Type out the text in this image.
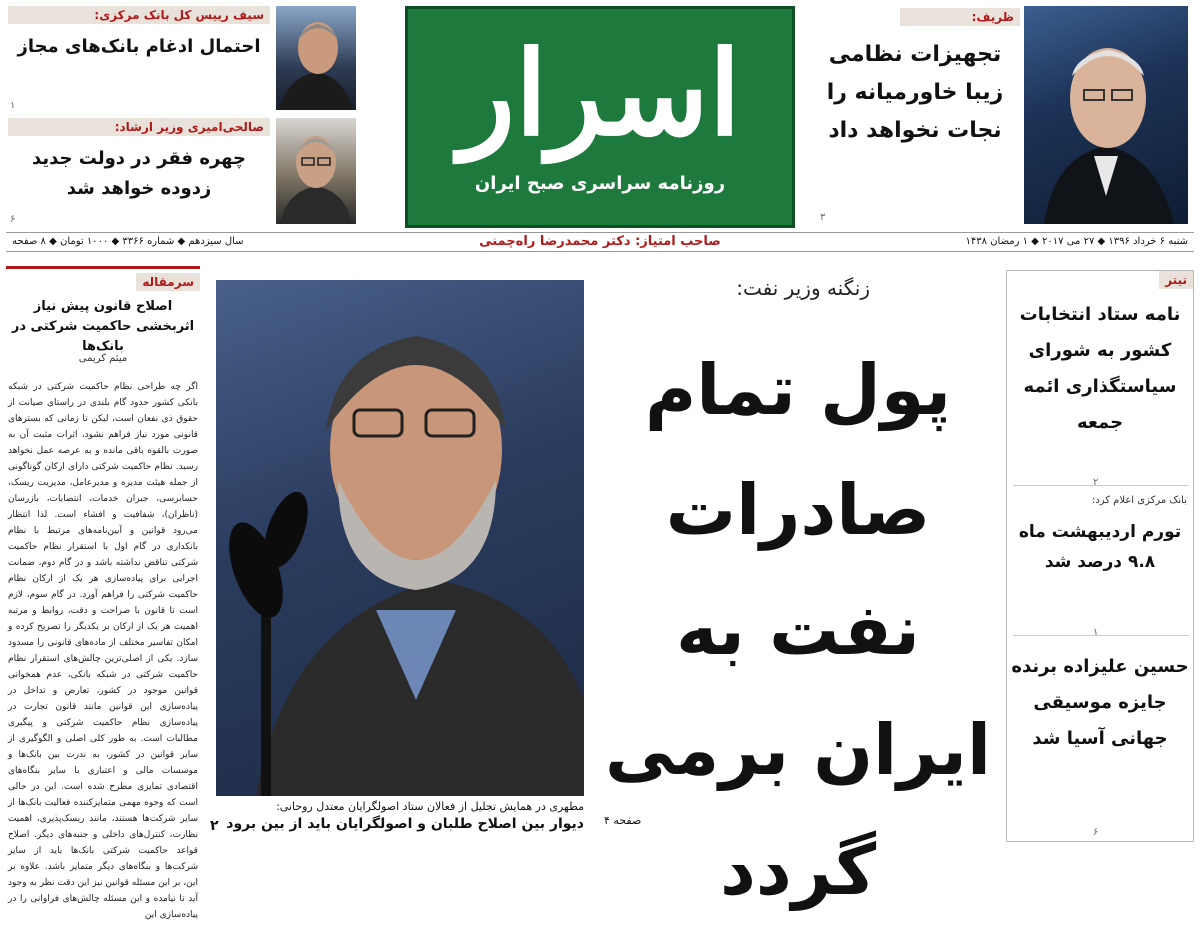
ظریف:
تجهیزات نظامی زیبا خاورمیانه را نجات نخواهد داد
۳
اسرار
روزنامه سراسری صبح ایران
سیف رییس کل بانک مرکزی:
احتمال ادغام بانک‌های مجاز
۱
صالحی‌امیری وزیر ارشاد:
چهره فقر در دولت جدید زدوده خواهد شد
۶
شنبه ۶ خرداد ۱۳۹۶ ◆ ۲۷ می ۲۰۱۷ ◆ ۱ رمضان ۱۴۳۸
صاحب امتیاز: دکتر محمدرضا راه‌چمنی
سال سیزدهم ◆ شماره ۳۳۶۶ ◆ ۱۰۰۰ تومان ◆ ۸ صفحه
سرمقاله
اصلاح قانون پیش نیاز اثربخشی حاکمیت شرکتی در بانک‌ها
میثم کریمی
اگر چه طراحی نظام حاکمیت شرکتی در شبکه بانکی کشور حدود گام بلندی در راستای صیانت از حقوق ذی نفعان است، لیکن تا زمانی که بسترهای قانونی مورد نیاز فراهم نشود، اثرات مثبت آن به صورت بالقوه باقی مانده و به عرصه عمل نخواهد رسید. نظام حاکمیت شرکتی دارای ارکان گوناگونی از جمله هیئت مدیره و مدیرعامل، مدیریت ریسک، حسابرسی، جبران خدمات، انتصابات، بازرسان (ناظران)، شفافیت و افشاء است. لذا انتظار می‌رود قوانین و آیین‌نامه‌های مرتبط با نظام بانکداری در گام اول با استقرار نظام حاکمیت شرکتی تناقض نداشته باشد و در گام دوم، ضمانت اجرایی برای پیاده‌سازی هر یک از ارکان نظام حاکمیت شرکتی را فراهم آورد. در گام سوم، لازم است تا قانون با صراحت و دقت، روابط و مرتبه اهمیت هر یک از ارکان بر یکدیگر را تصریح کرده و امکان تفاسیر مختلف از ماده‌های قانونی را مسدود سازد. یکی از اصلی‌ترین چالش‌های استقرار نظام حاکمیت شرکتی در شبکه بانکی، عدم همخوانی قوانین موجود در کشور، تعارض و تداخل در پیاده‌سازی این قوانین مانند قانون تجارت در پیاده‌سازی نظام حاکمیت شرکتی و پیگیری مطالبات است. به طور کلی اصلی و الگوگیری از سایر قوانین در کشور، به ندرت بین بانک‌ها و موسسات مالی و اعتباری با سایر بنگاه‌های اقتصادی تمایزی مطرح شده است. این در حالی است که وجوه مهمی متمایزکننده فعالیت بانک‌ها از سایر شرکت‌ها هستند، مانند ریسک‌پذیری، اهمیت نظارت، کنترل‌های داخلی و جنبه‌های دیگر. اصلاح قواعد حاکمیت شرکتی بانک‌ها باید از سایر شرکت‌ها و بنگاه‌های دیگر متمایز باشد. علاوه بر این، بر این مسئله قوانین نیز این دقت نظر به وجود آید تا نیامده و این مسئله چالش‌های فراوانی را در پیاده‌سازی این
مطهری در همایش تجلیل از فعالان ستاد اصولگرایان معتدل روحانی:
دیوار بین اصلاح طلبان و اصولگرایان باید از بین برود
۲
زنگنه وزیر نفت:
پول تمام صادرات نفت به ایران برمی گردد
صفحه ۴
تیتر
نامه ستاد انتخابات کشور به شورای سیاستگذاری ائمه جمعه
۲
بانک مرکزی اعلام کرد:
تورم اردیبهشت ماه ۹.۸ درصد شد
۱
حسین علیزاده برنده جایزه موسیقی جهانی آسیا شد
۶
